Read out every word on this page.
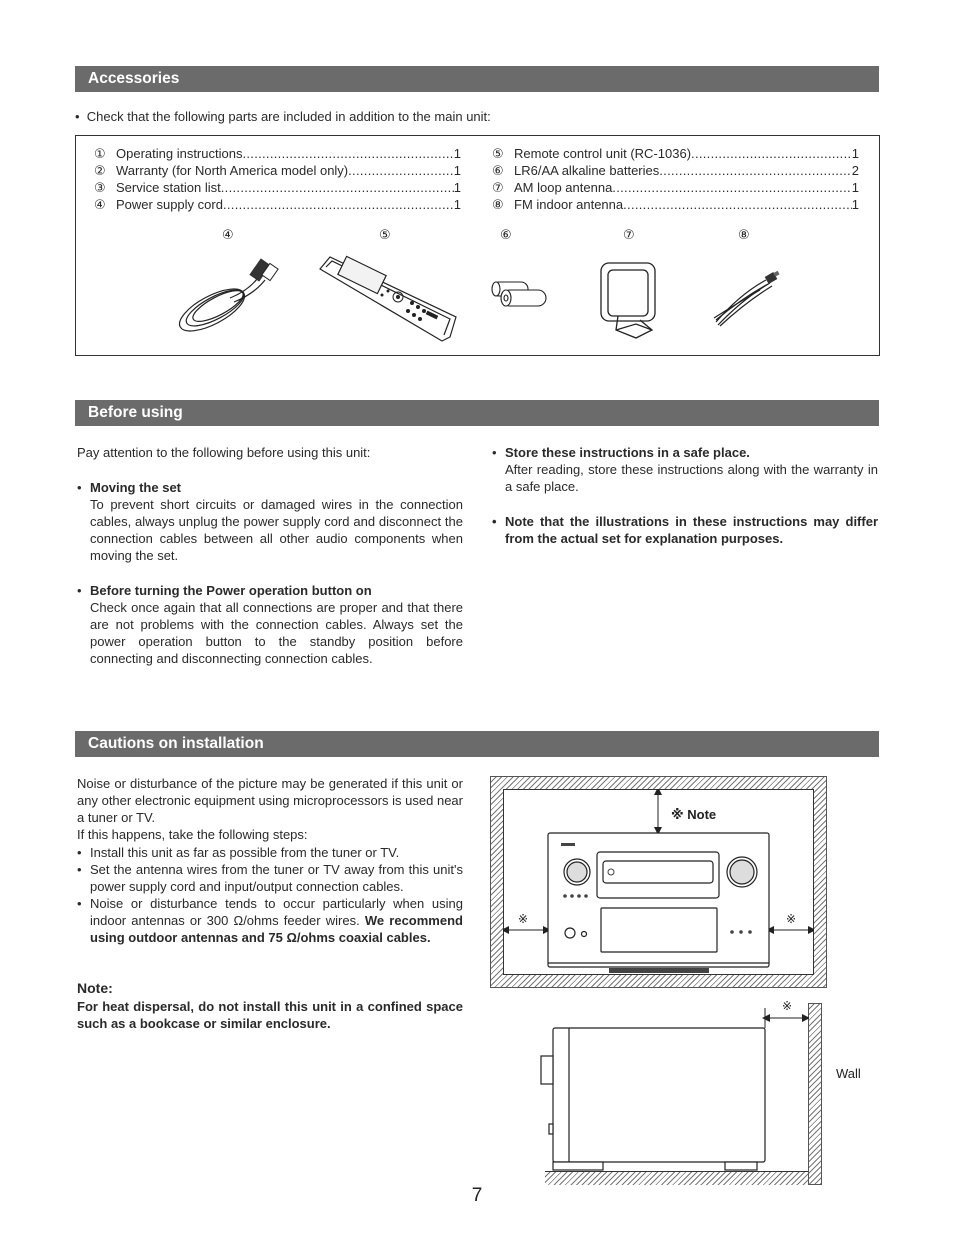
Accessories
• Check that the following parts are included in addition to the main unit:
① Operating instructions .....	1
② Warranty (for North America model only) .....	1
③ Service station list .....	1
④ Power supply cord .....	1
⑤ Remote control unit (RC-1036) .....	1
⑥ LR6/AA alkaline batteries .....	2
⑦ AM loop antenna .....	1
⑧ FM indoor antenna .....	1
④	⑤	⑥	⑦	⑧
Before using
Pay attention to the following before using this unit:
• Moving the set
To prevent short circuits or damaged wires in the connection cables, always unplug the power supply cord and disconnect the connection cables between all other audio components when moving the set.
• Before turning the Power operation button on
Check once again that all connections are proper and that there are not problems with the connection cables. Always set the power operation button to the standby position before connecting and disconnecting connection cables.
• Store these instructions in a safe place.
After reading, store these instructions along with the warranty in a safe place.
• Note that the illustrations in these instructions may differ from the actual set for explanation purposes.
Cautions on installation
Noise or disturbance of the picture may be generated if this unit or any other electronic equipment using microprocessors is used near a tuner or TV.
If this happens, take the following steps:
• Install this unit as far as possible from the tuner or TV.
• Set the antenna wires from the tuner or TV away from this unit's power supply cord and input/output connection cables.
• Noise or disturbance tends to occur particularly when using indoor antennas or 300 Ω/ohms feeder wires. We recommend using outdoor antennas and 75 Ω/ohms coaxial cables.
Note:
For heat dispersal, do not install this unit in a confined space such as a bookcase or similar enclosure.
※ Note
※	※
※
Wall
7
